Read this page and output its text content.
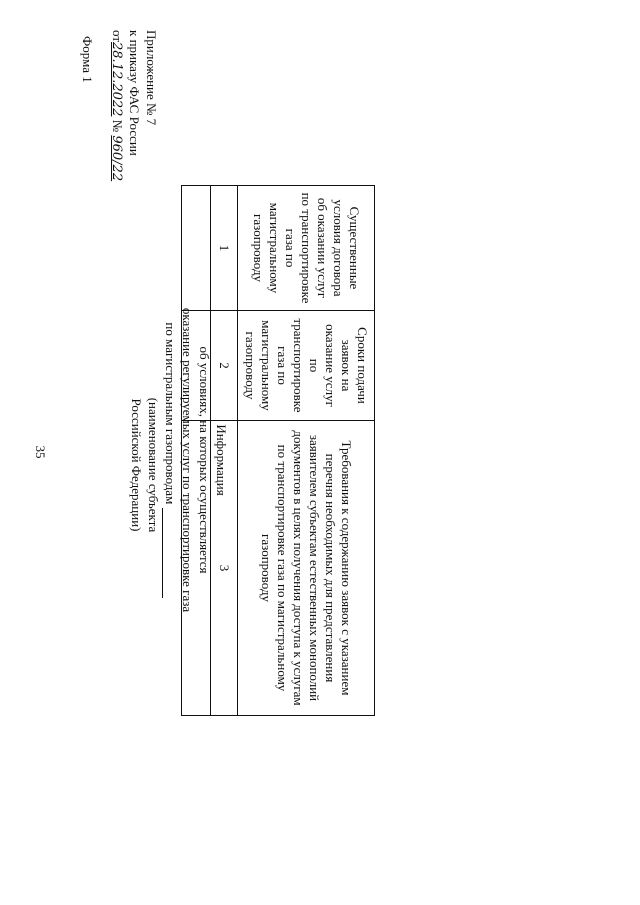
35
Приложение № 7
к приказу ФАС России
от28.12.2022 № 960/22
Форма 1
Информация
об условиях, на которых осуществляется
оказание регулируемых услуг по транспортировке газа
по магистральным газопроводам
(наименование субъекта
Российской Федерации)
Существенные условия договора об оказании услуг по транспортировке газа по магистральному газопроводу	Сроки подачи заявок на оказание услуг по транспортировке газа по магистральному газопроводу	Требования к содержанию заявок с указанием перечня необходимых для представления заявителем субъектам естественных монополий документов в целях получения доступа к услугам по транспортировке газа по магистральному газопроводу
1	2	3
